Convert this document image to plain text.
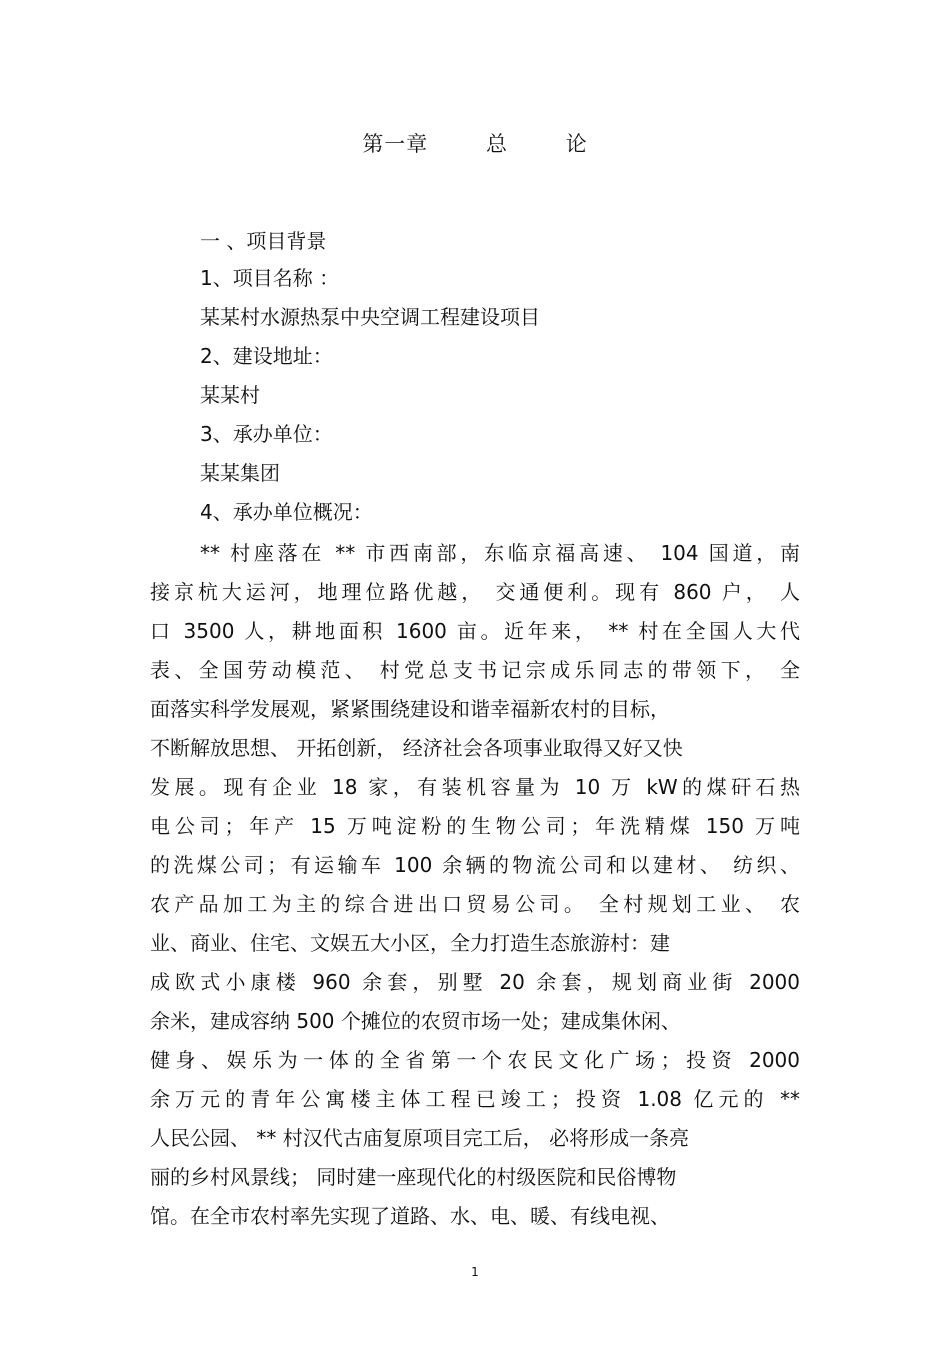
第一章　 总　 论
一 、项目背景
1、项目名称 ：
某某村水源热泵中央空调工程建设项目
2、建设地址：
某某村
3、承办单位：
某某集团
4、承办单位概况：
** 村座落在 ** 市西南部，东临京福高速、 104 国道，南
接京杭大运河，地理位路优越， 交通便利。现有 860 户， 人
口 3500 人，耕地面积 1600 亩。近年来， ** 村在全国人大代
表、全国劳动模范、 村党总支书记宗成乐同志的带领下， 全
面落实科学发展观，紧紧围绕建设和谐幸福新农村的目标，
不断解放思想、 开拓创新， 经济社会各项事业取得又好又快
发展。现有企业 18 家，有装机容量为 10 万 kW的煤矸石热
电公司；年产 15 万吨淀粉的生物公司；年洗精煤 150 万吨
的洗煤公司；有运输车 100 余辆的物流公司和以建材、 纺织、
农产品加工为主的综合进出口贸易公司。 全村规划工业、 农
业、商业、住宅、文娱五大小区，全力打造生态旅游村：建
成欧式小康楼 960 余套，别墅 20 余套，规划商业街 2000
余米，建成容纳 500 个摊位的农贸市场一处；建成集休闲、
健身、娱乐为一体的全省第一个农民文化广场；投资 2000
余万元的青年公寓楼主体工程已竣工；投资 1.08 亿元的 **
人民公园、 ** 村汉代古庙复原项目完工后， 必将形成一条亮
丽的乡村风景线； 同时建一座现代化的村级医院和民俗博物
馆。在全市农村率先实现了道路、水、电、暖、有线电视、
1
